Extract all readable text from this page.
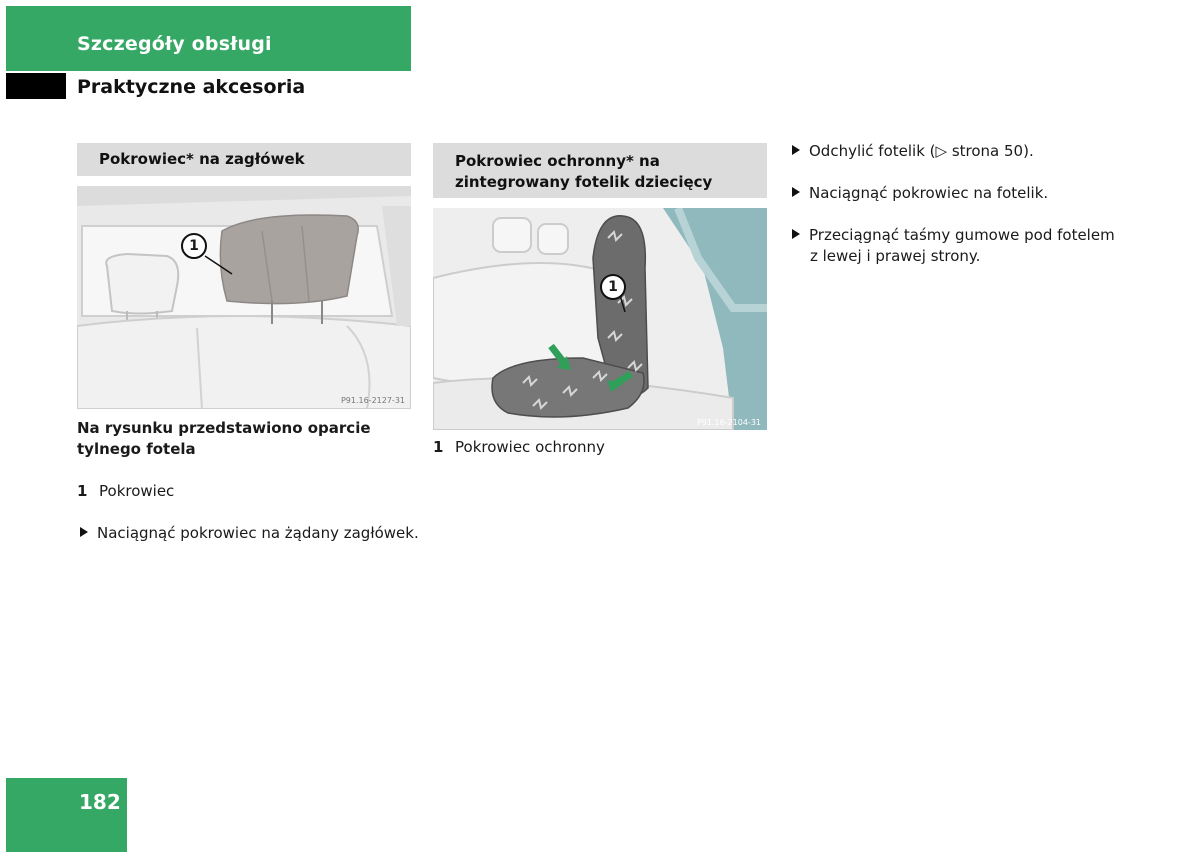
Szczegóły obsługi
Praktyczne akcesoria
Pokrowiec* na zagłówek
1
P91.16-2127-31
Na rysunku przedstawiono oparcie tylnego fotela
1 Pokrowiec
Naciągnąć pokrowiec na żądany zagłówek.
Pokrowiec ochronny* na zintegrowany fotelik dziecięcy
1
P91.16-2104-31
1 Pokrowiec ochronny
Odchylić fotelik (▷ strona 50).
Naciągnąć pokrowiec na fotelik.
Przeciągnąć taśmy gumowe pod fotelem z lewej i prawej strony.
182
